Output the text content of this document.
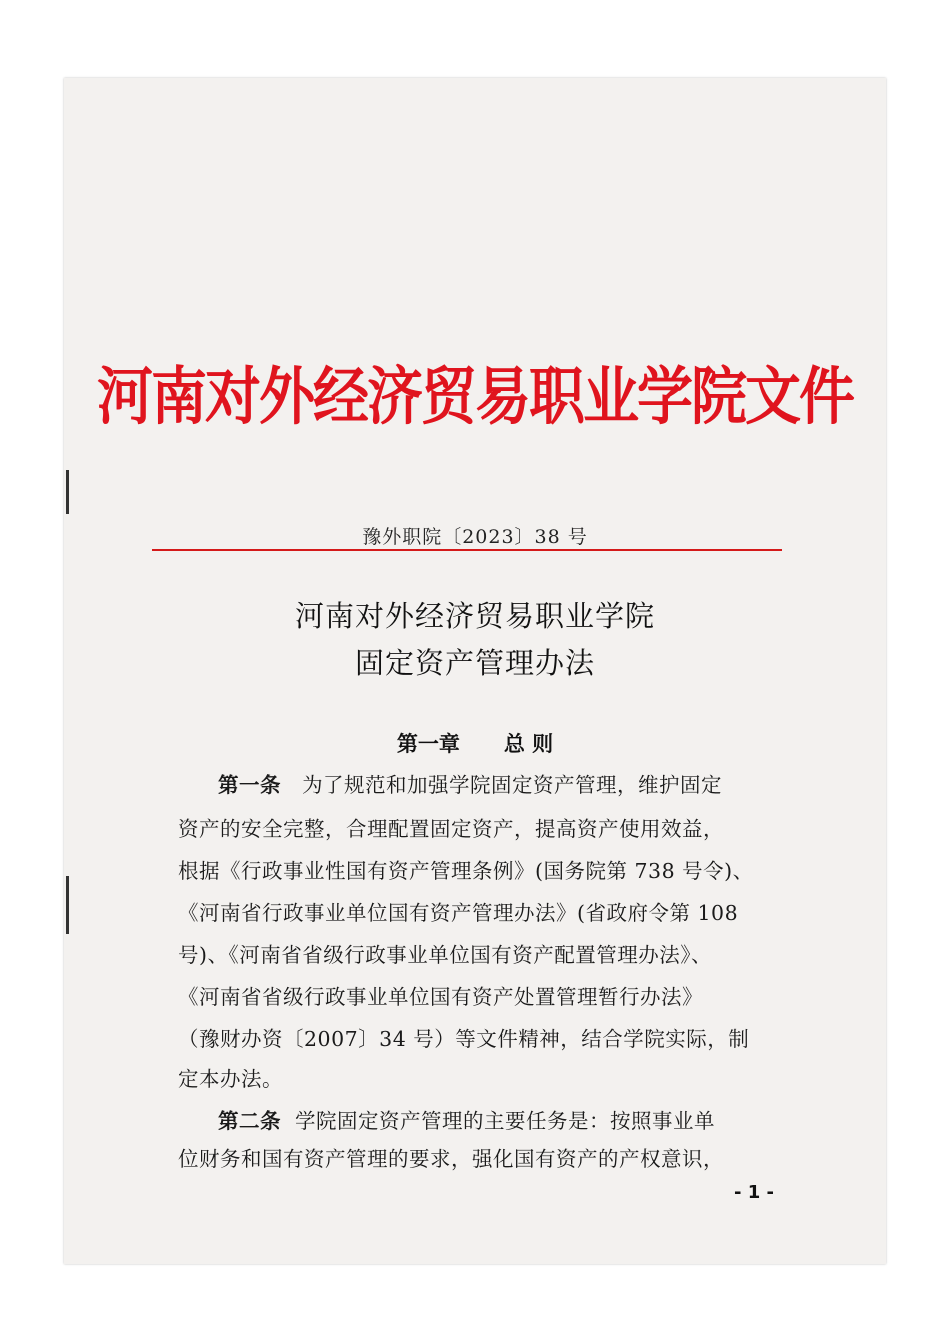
河南对外经济贸易职业学院文件
豫外职院〔2023〕38 号
河南对外经济贸易职业学院
固定资产管理办法
第一章 总 则
第一条 为了规范和加强学院固定资产管理，维护固定
资产的安全完整，合理配置固定资产，提高资产使用效益，
根据《行政事业性国有资产管理条例》(国务院第 738 号令)、
《河南省行政事业单位国有资产管理办法》(省政府令第 108
号)、《河南省省级行政事业单位国有资产配置管理办法》、
《河南省省级行政事业单位国有资产处置管理暂行办法》
（豫财办资〔2007〕34 号）等文件精神，结合学院实际，制
定本办法。
第二条 学院固定资产管理的主要任务是：按照事业单
位财务和国有资产管理的要求，强化国有资产的产权意识，
- 1 -
